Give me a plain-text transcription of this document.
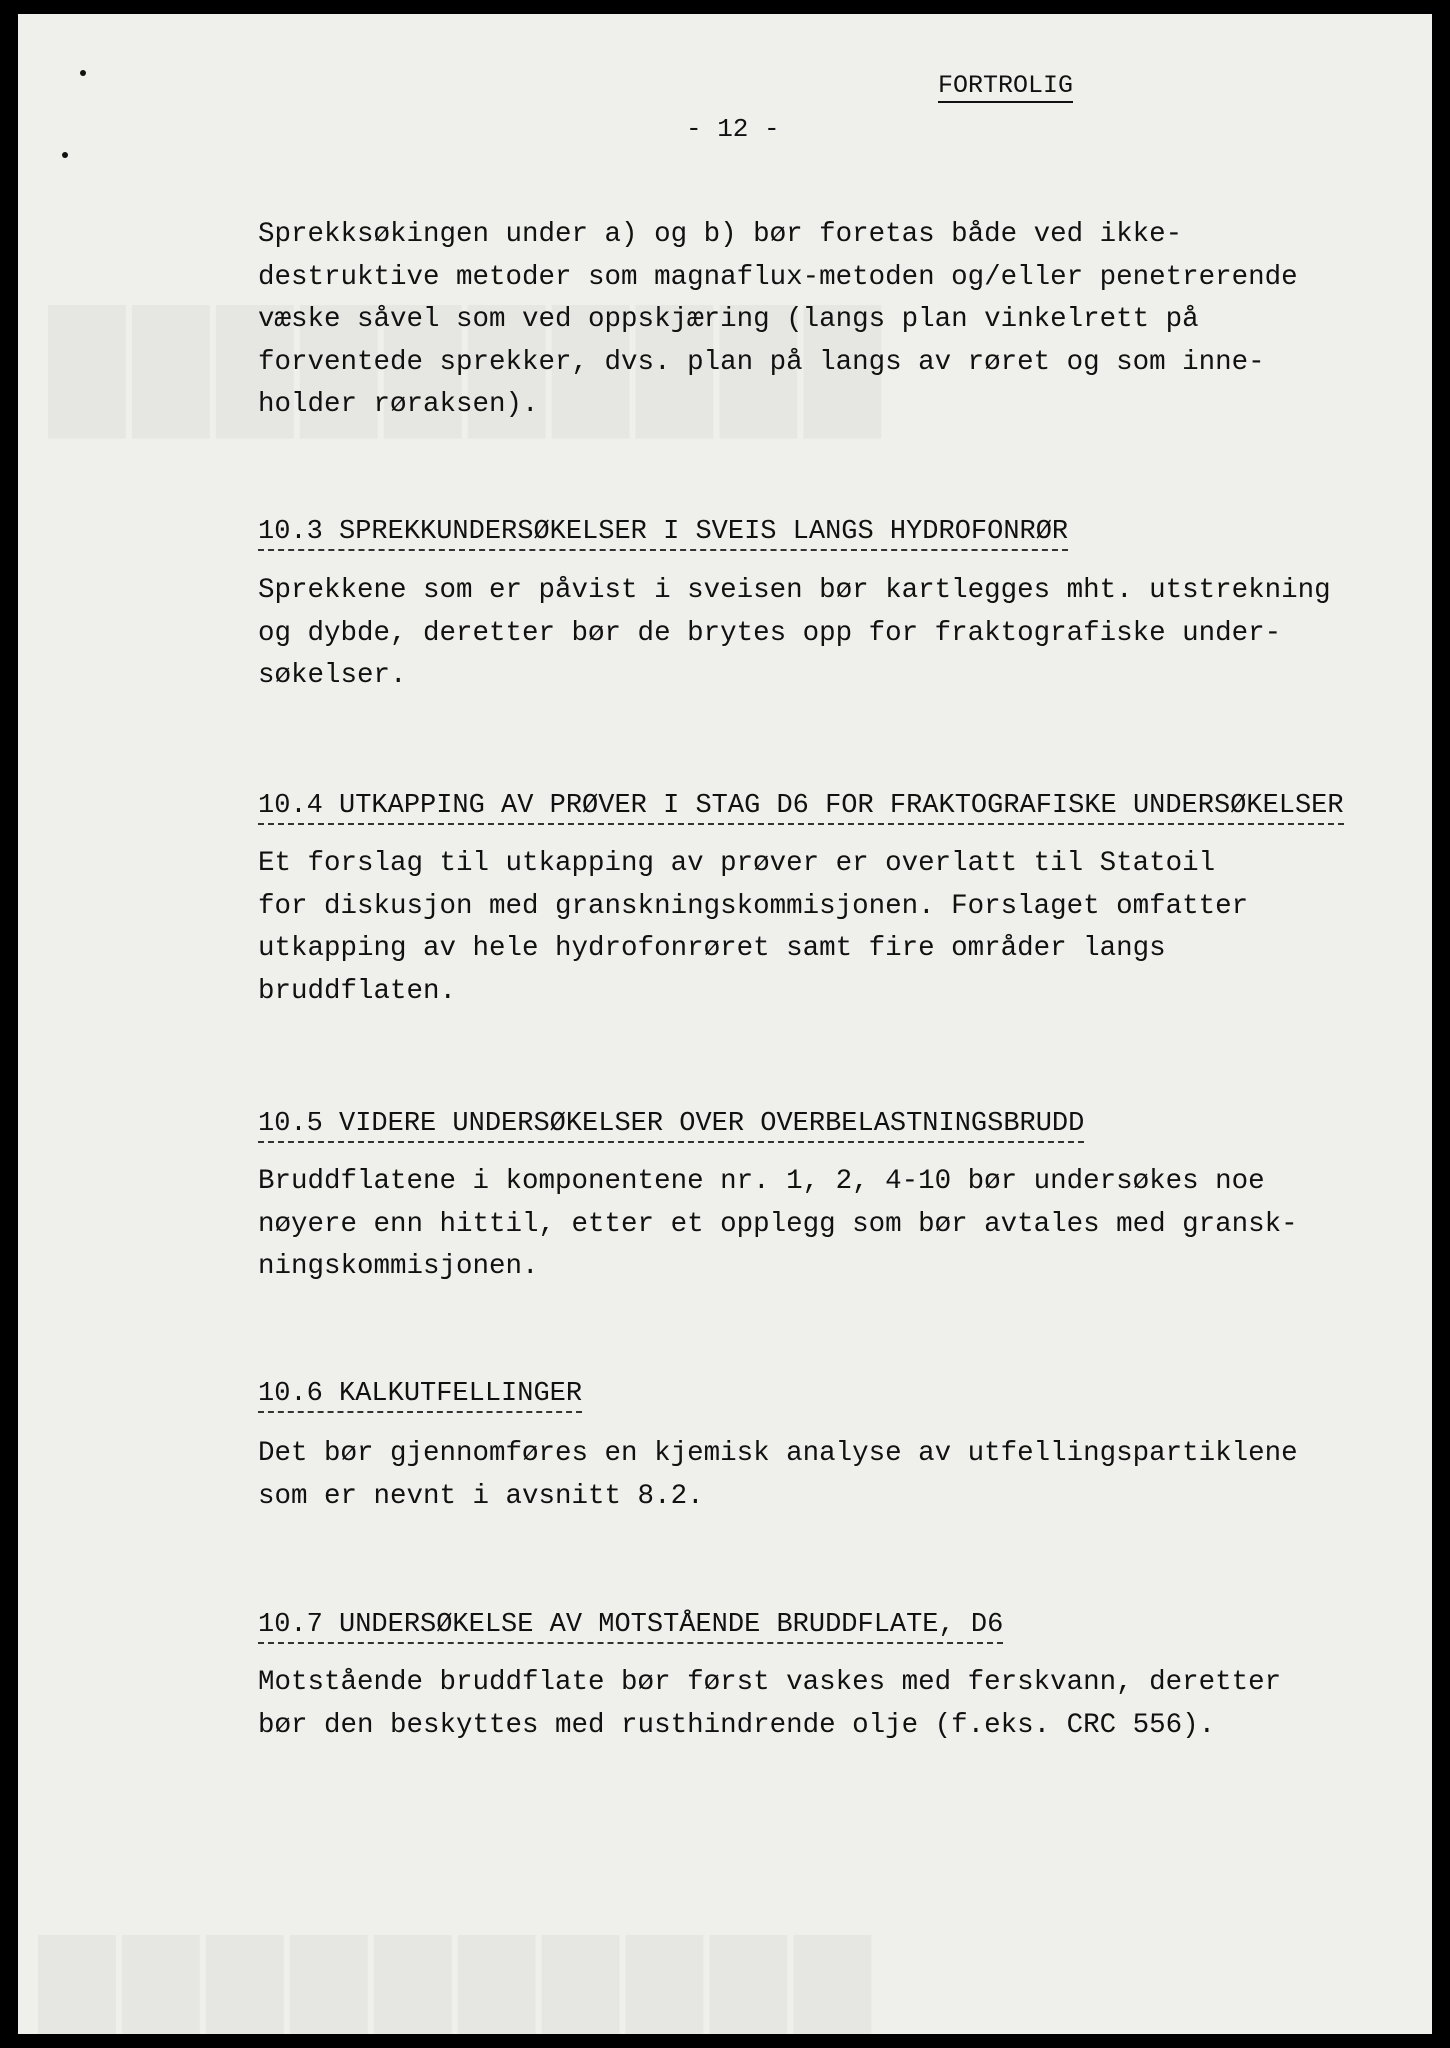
FORTROLIG
- 12 -

Sprekksøkingen under a) og b) bør foretas både ved ikke-
destruktive metoder som magnaflux-metoden og/eller penetrerende
væske såvel som ved oppskjæring (langs plan vinkelrett på
forventede sprekker, dvs. plan på langs av røret og som inne-
holder røraksen).

10.3 SPREKKUNDERSØKELSER I SVEIS LANGS HYDROFONRØR

Sprekkene som er påvist i sveisen bør kartlegges mht. utstrekning
og dybde, deretter bør de brytes opp for fraktografiske under-
søkelser.

10.4 UTKAPPING AV PRØVER I STAG D6 FOR FRAKTOGRAFISKE UNDERSØKELSER

Et forslag til utkapping av prøver er overlatt til Statoil
for diskusjon med granskningskommisjonen. Forslaget omfatter
utkapping av hele hydrofonrøret samt fire områder langs
bruddflaten.

10.5 VIDERE UNDERSØKELSER OVER OVERBELASTNINGSBRUDD

Bruddflatene i komponentene nr. 1, 2, 4-10 bør undersøkes noe
nøyere enn hittil, etter et opplegg som bør avtales med gransk-
ningskommisjonen.

10.6 KALKUTFELLINGER

Det bør gjennomføres en kjemisk analyse av utfellingspartiklene
som er nevnt i avsnitt 8.2.

10.7 UNDERSØKELSE AV MOTSTÅENDE BRUDDFLATE, D6

Motstående bruddflate bør først vaskes med ferskvann, deretter
bør den beskyttes med rusthindrende olje (f.eks. CRC 556).
